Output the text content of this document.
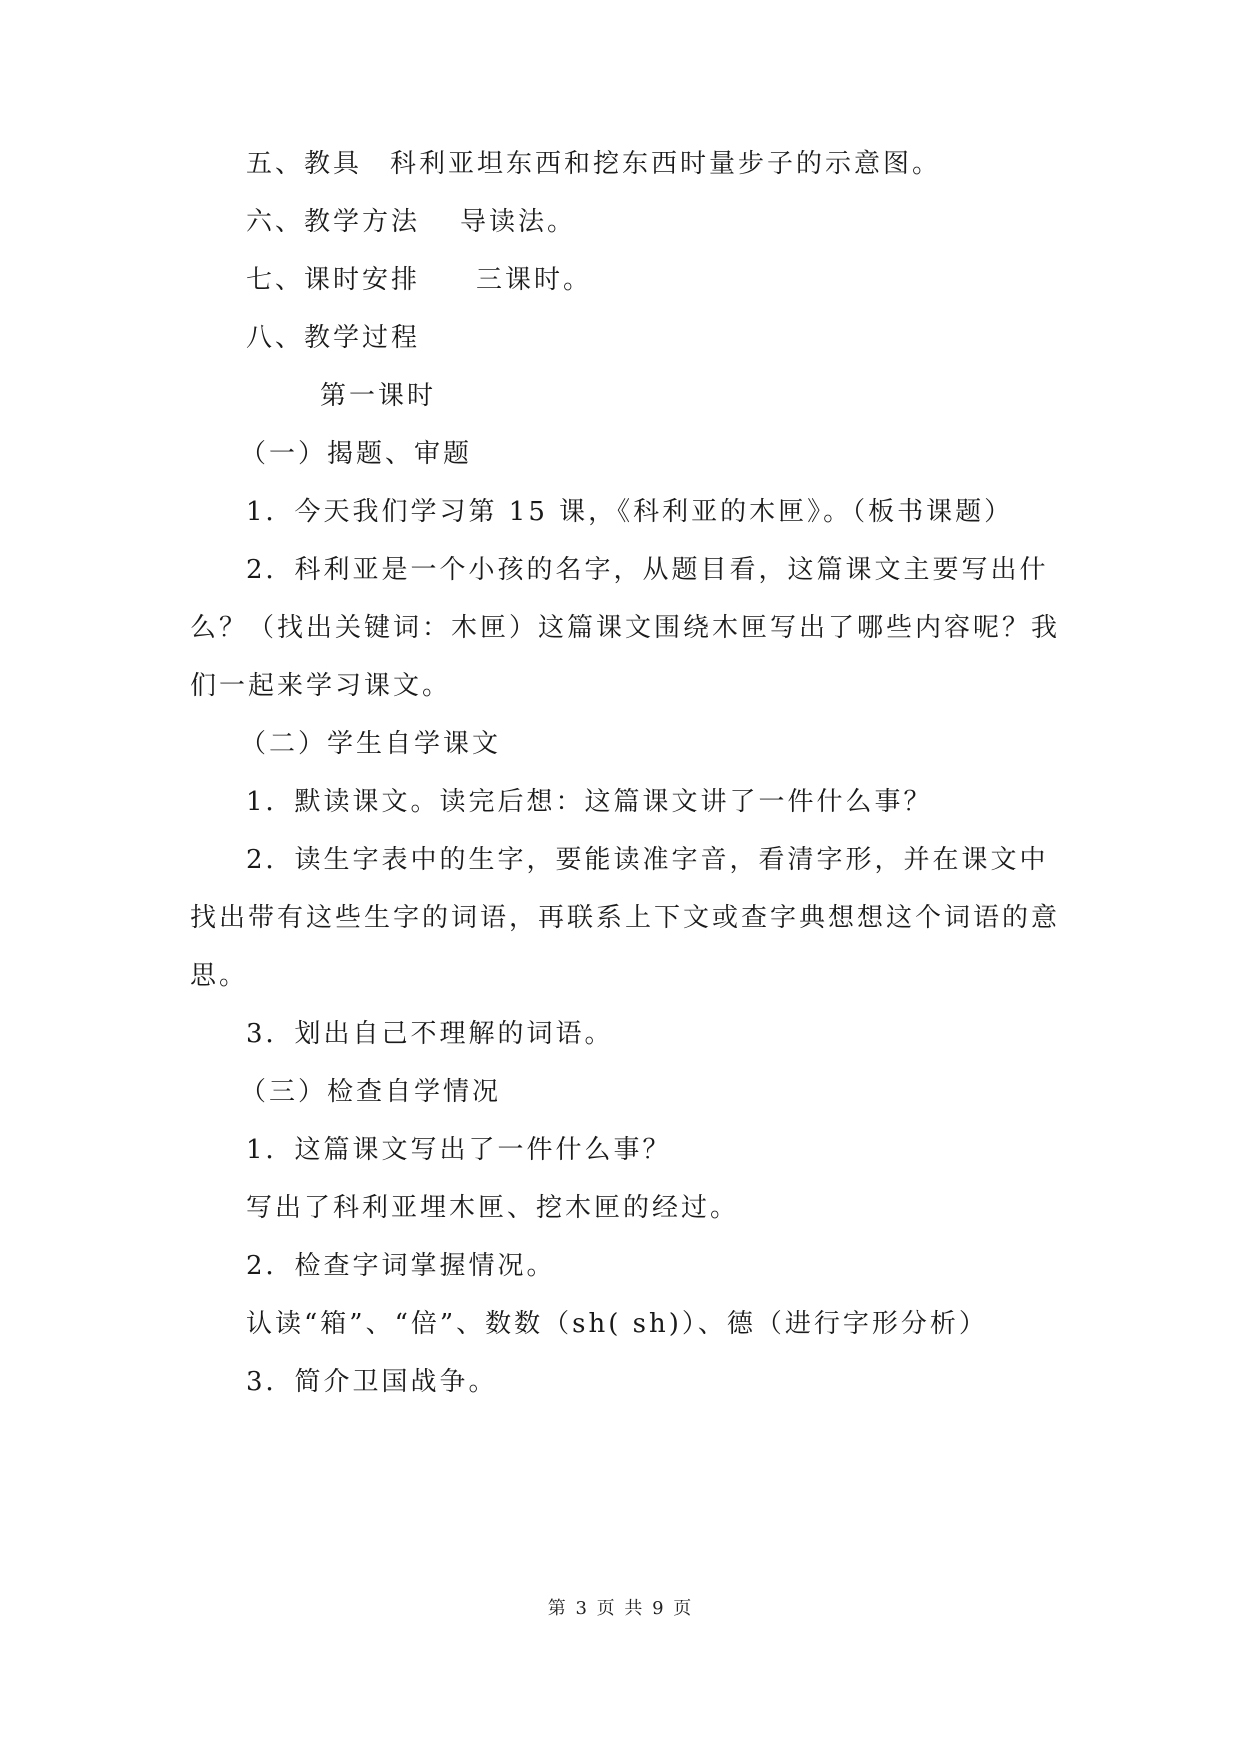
五、教具 科利亚坦东西和挖东西时量步子的示意图。
六、教学方法 导读法。
七、课时安排 三课时。
八、教学过程
第一课时
（一）揭题、审题
1．今天我们学习第 15 课，《科利亚的木匣》。（板书课题）
2．科利亚是一个小孩的名字，从题目看，这篇课文主要写出什
么？（找出关键词：木匣）这篇课文围绕木匣写出了哪些内容呢？我
们一起来学习课文。
（二）学生自学课文
1．默读课文。读完后想：这篇课文讲了一件什么事？
2．读生字表中的生字，要能读准字音，看清字形，并在课文中
找出带有这些生字的词语，再联系上下文或查字典想想这个词语的意
思。
3．划出自己不理解的词语。
（三）检查自学情况
1．这篇课文写出了一件什么事？
写出了科利亚埋木匣、挖木匣的经过。
2．检查字词掌握情况。
认读“箱”、“倍”、数数（sh( sh)）、德（进行字形分析）
3．简介卫国战争。
第 3 页 共 9 页
